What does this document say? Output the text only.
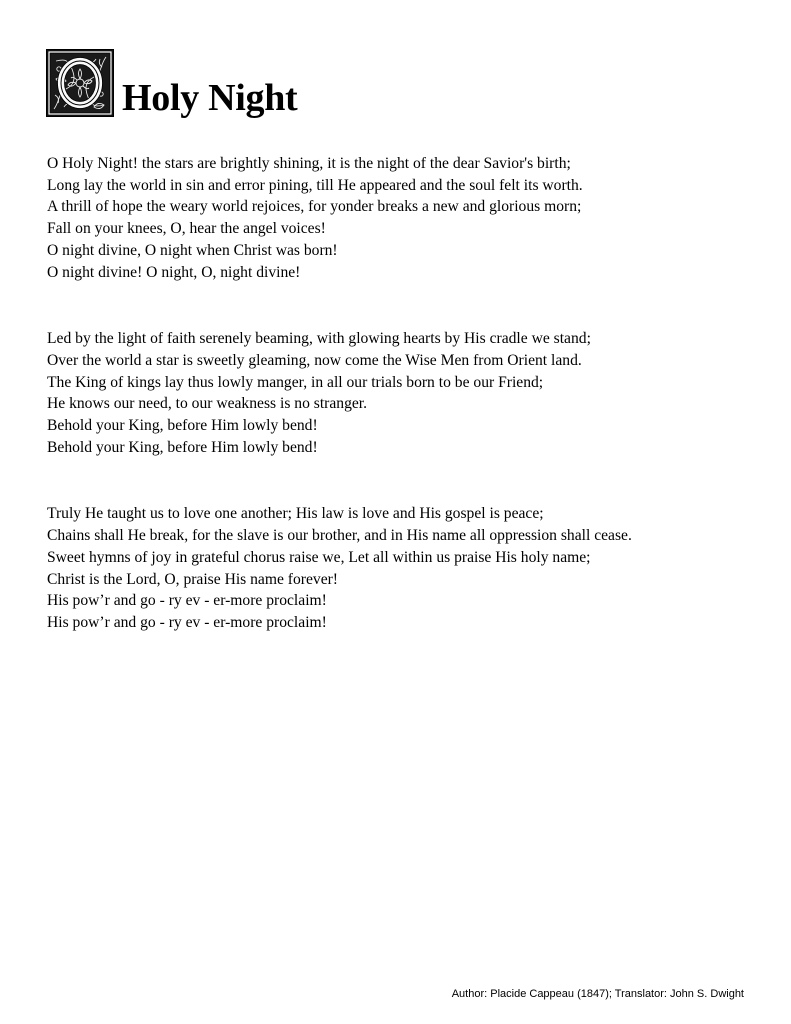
Holy Night
O Holy Night! the stars are brightly shining, it is the night of the dear Savior's birth;
Long lay the world in sin and error pining, till He appeared and the soul felt its worth.
A thrill of hope the weary world rejoices, for yonder breaks a new and glorious morn;
Fall on your knees, O, hear the angel voices!
O night divine, O night when Christ was born!
O night divine! O night, O, night divine!
Led by the light of faith serenely beaming, with glowing hearts by His cradle we stand;
Over the world a star is sweetly gleaming, now come the Wise Men from Orient land.
The King of kings lay thus lowly manger, in all our trials born to be our Friend;
He knows our need, to our weakness is no stranger.
Behold your King, before Him lowly bend!
Behold your King, before Him lowly bend!
Truly He taught us to love one another; His law is love and His gospel is peace;
Chains shall He break, for the slave is our brother, and in His name all oppression shall cease.
Sweet hymns of joy in grateful chorus raise we, Let all within us praise His holy name;
Christ is the Lord, O, praise His name forever!
His pow’r and go - ry ev - er-more proclaim!
His pow’r and go - ry ev - er-more proclaim!
Author: Placide Cappeau (1847); Translator: John S. Dwight
